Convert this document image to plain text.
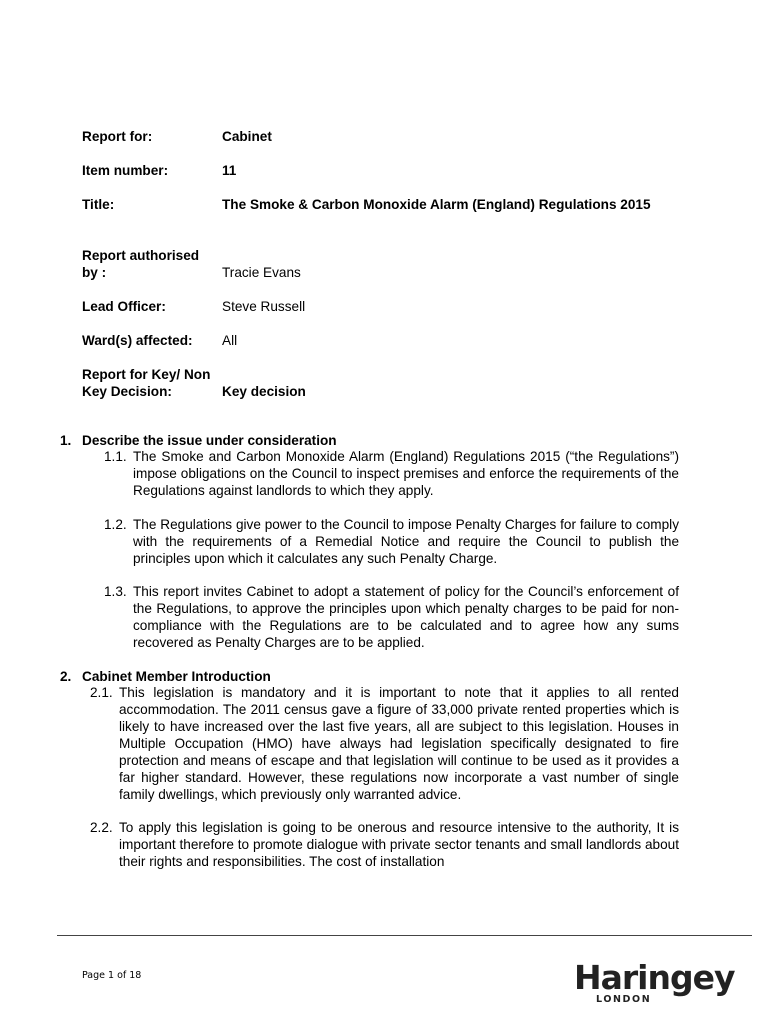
Report for:	Cabinet
Item number:	11
Title:	The Smoke & Carbon Monoxide Alarm (England) Regulations 2015
Report authorised by :	Tracie Evans
Lead Officer:	Steve Russell
Ward(s) affected:	All
Report for Key/ Non Key Decision:	Key decision
1. Describe the issue under consideration
1.1. The Smoke and Carbon Monoxide Alarm (England) Regulations 2015 (“the Regulations”) impose obligations on the Council to inspect premises and enforce the requirements of the Regulations against landlords to which they apply.
1.2. The Regulations give power to the Council to impose Penalty Charges for failure to comply with the requirements of a Remedial Notice and require the Council to publish the principles upon which it calculates any such Penalty Charge.
1.3. This report invites Cabinet to adopt a statement of policy for the Council’s enforcement of the Regulations, to approve the principles upon which penalty charges to be paid for non-compliance with the Regulations are to be calculated and to agree how any sums recovered as Penalty Charges are to be applied.
2. Cabinet Member Introduction
2.1. This legislation is mandatory and it is important to note that it applies to all rented accommodation. The 2011 census gave a figure of 33,000 private rented properties which is likely to have increased over the last five years, all are subject to this legislation. Houses in Multiple Occupation (HMO) have always had legislation specifically designated to fire protection and means of escape and that legislation will continue to be used as it provides a far higher standard. However, these regulations now incorporate a vast number of single family dwellings, which previously only warranted advice.
2.2. To apply this legislation is going to be onerous and resource intensive to the authority, It is important therefore to promote dialogue with private sector tenants and small landlords about their rights and responsibilities. The cost of installation
Page 1 of 18	Haringey
LONDON
